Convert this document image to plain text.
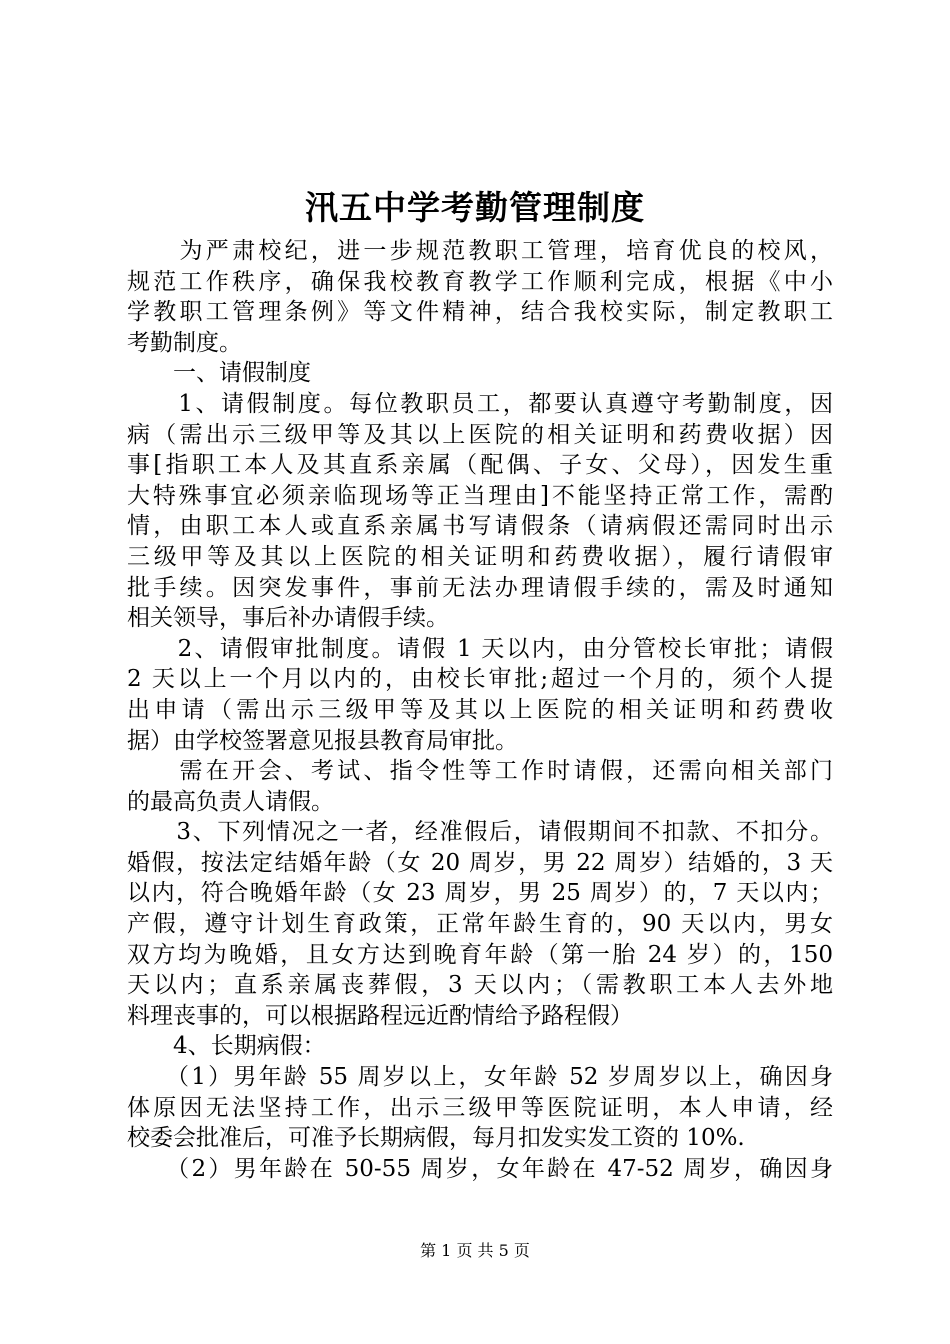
汛五中学考勤管理制度
　　为严肃校纪，进一步规范教职工管理，培育优良的校风，
规范工作秩序，确保我校教育教学工作顺利完成，根据《中小
学教职工管理条例》等文件精神，结合我校实际，制定教职工
考勤制度。
　　一、请假制度
　　1、请假制度。每位教职员工，都要认真遵守考勤制度，因
病（需出示三级甲等及其以上医院的相关证明和药费收据）因
事[指职工本人及其直系亲属（配偶、子女、父母），因发生重
大特殊事宜必须亲临现场等正当理由]不能坚持正常工作，需酌
情，由职工本人或直系亲属书写请假条（请病假还需同时出示
三级甲等及其以上医院的相关证明和药费收据），履行请假审
批手续。因突发事件，事前无法办理请假手续的，需及时通知
相关领导，事后补办请假手续。
　　2、请假审批制度。请假 1 天以内，由分管校长审批；请假
2 天以上一个月以内的，由校长审批;超过一个月的，须个人提
出申请（需出示三级甲等及其以上医院的相关证明和药费收
据）由学校签署意见报县教育局审批。
　　需在开会、考试、指令性等工作时请假，还需向相关部门
的最高负责人请假。
　　3、下列情况之一者，经准假后，请假期间不扣款、不扣分。
婚假，按法定结婚年龄（女 20 周岁，男 22 周岁）结婚的，3 天
以内，符合晚婚年龄（女 23 周岁，男 25 周岁）的，7 天以内；
产假，遵守计划生育政策，正常年龄生育的，90 天以内，男女
双方均为晚婚，且女方达到晚育年龄（第一胎 24 岁）的，150
天以内；直系亲属丧葬假，3 天以内；（需教职工本人去外地
料理丧事的，可以根据路程远近酌情给予路程假）
　　4、长期病假：
　　（1）男年龄 55 周岁以上，女年龄 52 岁周岁以上，确因身
体原因无法坚持工作，出示三级甲等医院证明，本人申请，经
校委会批准后，可准予长期病假，每月扣发实发工资的 10%.
　　（2）男年龄在 50-55 周岁，女年龄在 47-52 周岁，确因身
第 1 页 共 5 页
